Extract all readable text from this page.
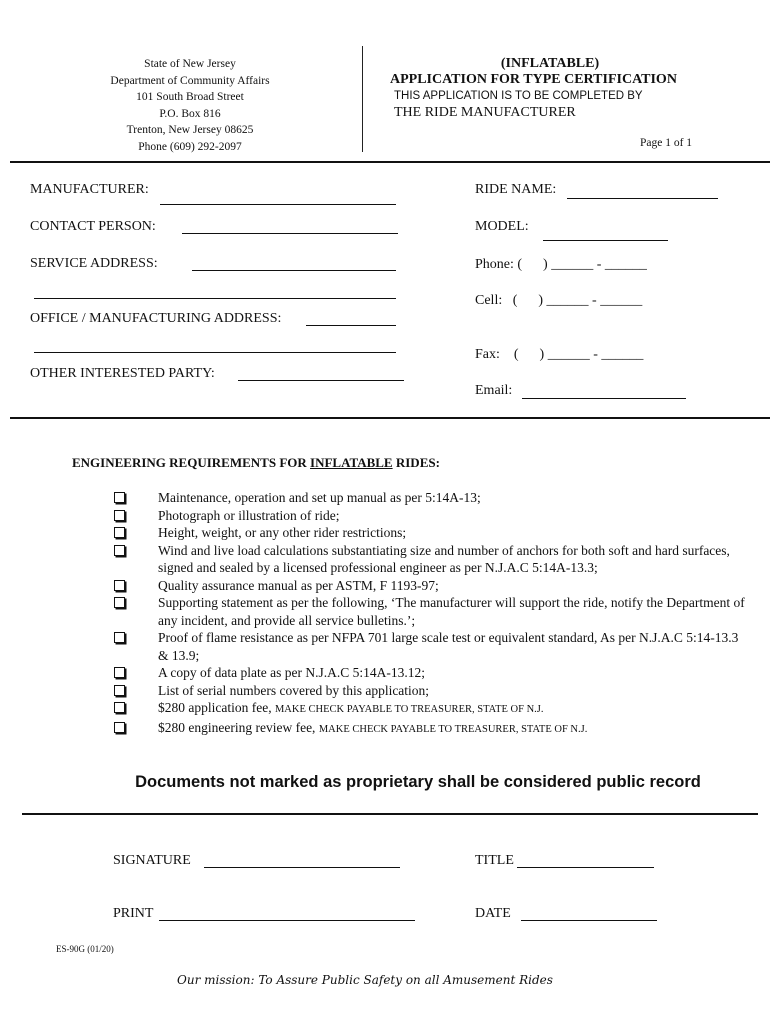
State of New Jersey
Department of Community Affairs
101 South Broad Street
P.O. Box 816
Trenton, New Jersey 08625
Phone (609) 292-2097
(INFLATABLE)
APPLICATION FOR TYPE CERTIFICATION
THIS APPLICATION IS TO BE COMPLETED BY
THE RIDE MANUFACTURER
Page 1 of 1
MANUFACTURER:
CONTACT PERSON:
SERVICE ADDRESS:
OFFICE / MANUFACTURING ADDRESS:
OTHER INTERESTED PARTY:
RIDE NAME:
MODEL:
Phone: (      ) ______ - ______
Cell:   (      ) ______ - ______
Fax:    (      ) ______ - ______
Email:
ENGINEERING REQUIREMENTS FOR INFLATABLE RIDES:
Maintenance, operation and set up manual as per 5:14A-13;
Photograph or illustration of ride;
Height, weight, or any other rider restrictions;
Wind and live load calculations substantiating size and number of anchors for both soft and hard surfaces, signed and sealed by a licensed professional engineer as per N.J.A.C 5:14A-13.3;
Quality assurance manual as per ASTM, F 1193-97;
Supporting statement as per the following, ‘The manufacturer will support the ride, notify the Department of any incident, and provide all service bulletins.’;
Proof of flame resistance as per NFPA 701 large scale test or equivalent standard, As per N.J.A.C 5:14-13.3 & 13.9;
A copy of data plate as per N.J.A.C 5:14A-13.12;
List of serial numbers covered by this application;
$280 application fee, MAKE CHECK PAYABLE TO TREASURER, STATE OF N.J.
$280 engineering review fee, MAKE CHECK PAYABLE TO TREASURER, STATE OF N.J.
Documents not marked as proprietary shall be considered public record
SIGNATURE	TITLE
PRINT	DATE
ES-90G (01/20)
Our mission: To Assure Public Safety on all Amusement Rides
